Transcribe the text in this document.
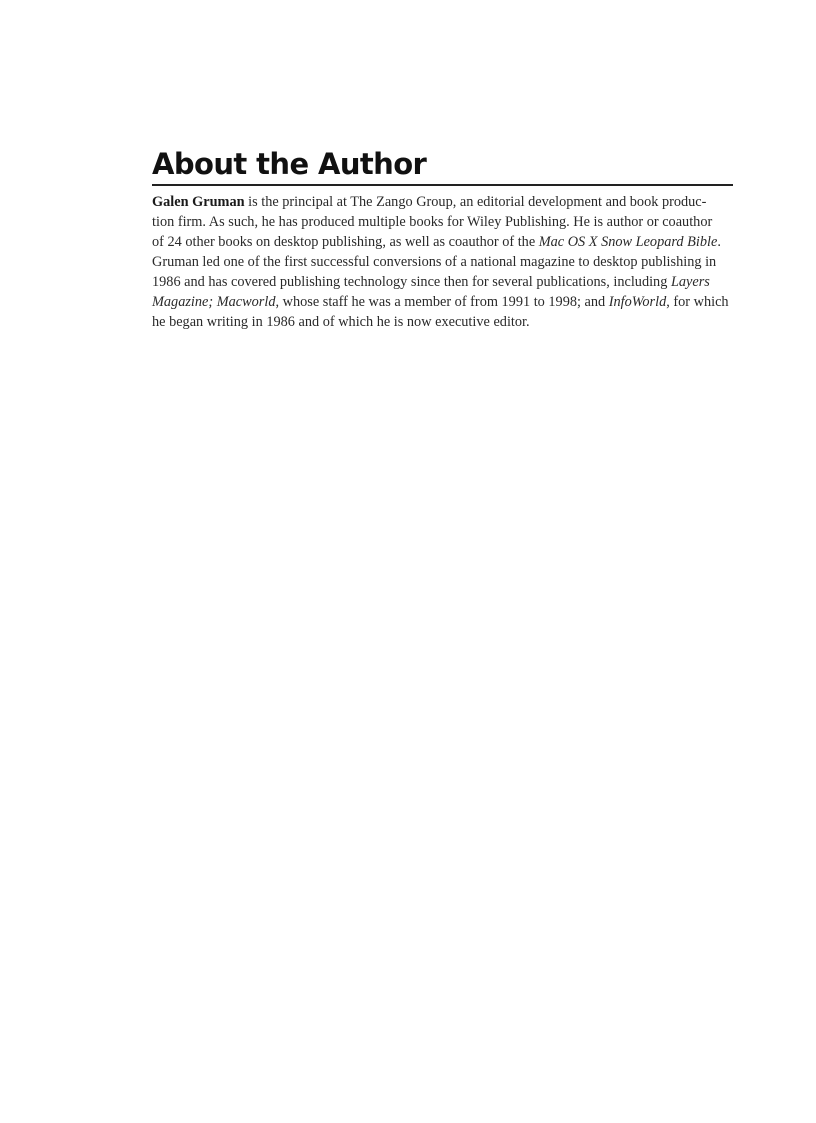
About the Author

Galen Gruman is the principal at The Zango Group, an editorial development and book produc-
tion firm. As such, he has produced multiple books for Wiley Publishing. He is author or coauthor
of 24 other books on desktop publishing, as well as coauthor of the Mac OS X Snow Leopard Bible.
Gruman led one of the first successful conversions of a national magazine to desktop publishing in
1986 and has covered publishing technology since then for several publications, including Layers
Magazine; Macworld, whose staff he was a member of from 1991 to 1998; and InfoWorld, for which
he began writing in 1986 and of which he is now executive editor.
